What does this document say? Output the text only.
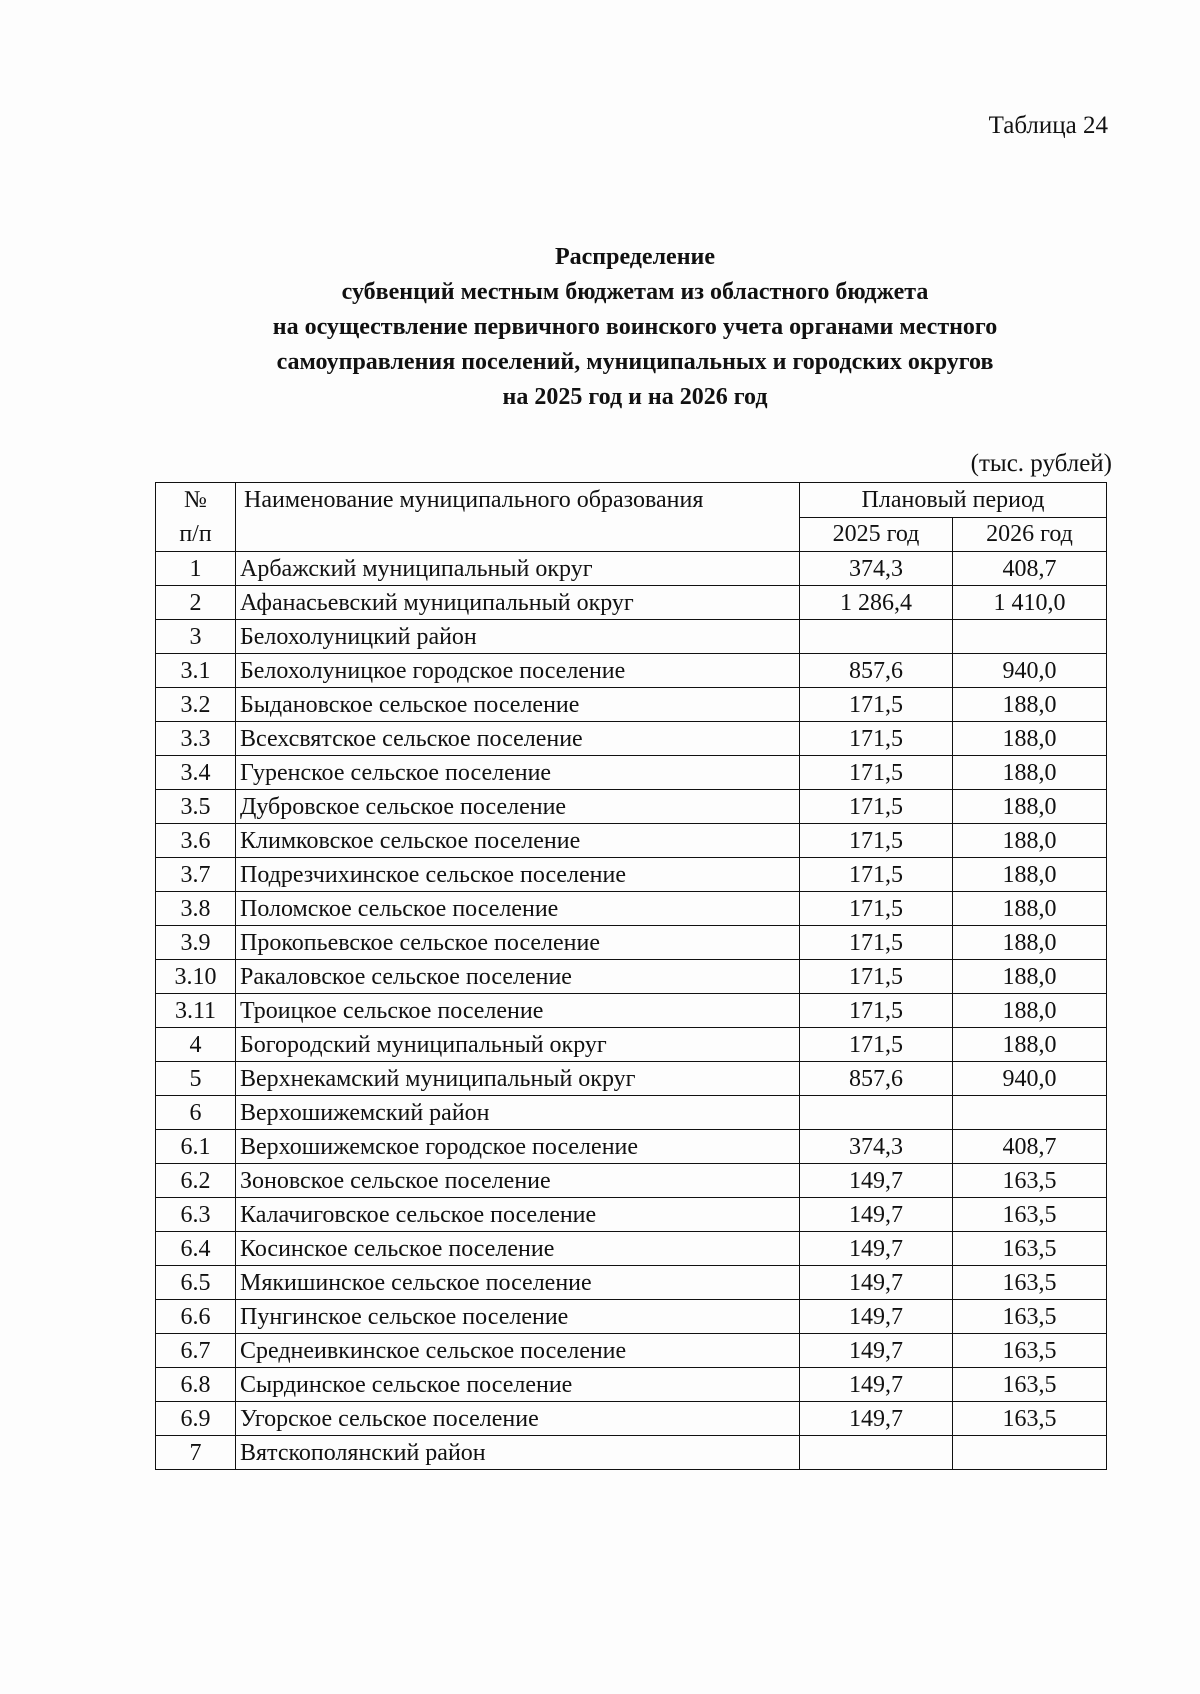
Таблица 24
Распределение
субвенций местным бюджетам из областного бюджета
на осуществление первичного воинского учета органами местного
самоуправления поселений, муниципальных и городских округов
на 2025 год и на 2026 год
(тыс. рублей)
№
п/п	Наименование муниципального образования	Плановый период	
		2025 год	2026 год
1	Арбажский муниципальный округ	374,3	408,7
2	Афанасьевский муниципальный округ	1 286,4	1 410,0
3	Белохолуницкий район		
3.1	Белохолуницкое городское поселение	857,6	940,0
3.2	Быдановское сельское поселение	171,5	188,0
3.3	Всехсвятское сельское поселение	171,5	188,0
3.4	Гуренское сельское поселение	171,5	188,0
3.5	Дубровское сельское поселение	171,5	188,0
3.6	Климковское сельское поселение	171,5	188,0
3.7	Подрезчихинское сельское поселение	171,5	188,0
3.8	Поломское сельское поселение	171,5	188,0
3.9	Прокопьевское сельское поселение	171,5	188,0
3.10	Ракаловское сельское поселение	171,5	188,0
3.11	Троицкое сельское поселение	171,5	188,0
4	Богородский муниципальный округ	171,5	188,0
5	Верхнекамский муниципальный округ	857,6	940,0
6	Верхошижемский район		
6.1	Верхошижемское городское поселение	374,3	408,7
6.2	Зоновское сельское поселение	149,7	163,5
6.3	Калачиговское сельское поселение	149,7	163,5
6.4	Косинское сельское поселение	149,7	163,5
6.5	Мякишинское сельское поселение	149,7	163,5
6.6	Пунгинское сельское поселение	149,7	163,5
6.7	Среднеивкинское сельское поселение	149,7	163,5
6.8	Сырдинское сельское поселение	149,7	163,5
6.9	Угорское сельское поселение	149,7	163,5
7	Вятскополянский район		
